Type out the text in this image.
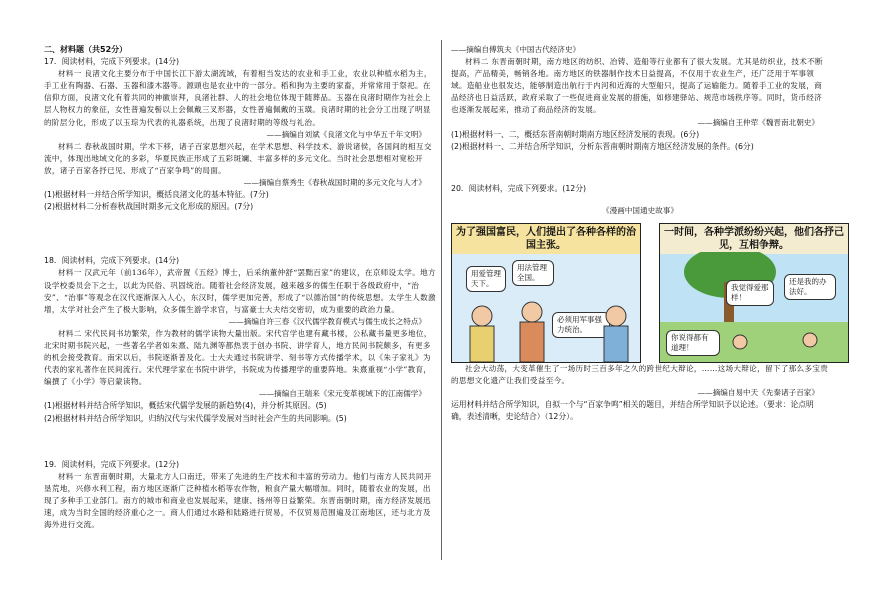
二、材料题（共52分）

17．阅读材料，完成下列要求。(14分)

材料一 良渚文化主要分布于中国长江下游太湖流域，有着相当发达的农业和手工业，农业以种植水稻为主，手工业有陶器、石器、玉器和漆木器等。源頭也是农业中的一部分。稻和狗为主要的家畜，并常常用于祭祀。在信仰方面，良渚文化有着共同的神徽崇拜，良渚社群、人的社会地位体现于随葬品。玉器在良渚时期作为社会上层人物权力的象征，女性普遍发髻以上会佩戴三叉形器，女性普遍佩戴的玉璜。良渚时期的社会分工出现了明显的阶层分化，形成了以玉琮为代表的礼器系统，出现了良渚时期的等级与礼治。

——摘编自刘斌《良渚文化与中华五千年文明》

材料二 春秋战国时期，学术下移，诸子百家思想兴起，在学术思想、科学技术、游说诸侯，各国间的相互交流中，体现出地域文化的多彩，华夏民族正形成了五彩斑斓、丰富多样的多元文化。当时社会思想相对宽松开放，诸子百家各抒已见、形成了“百家争鸣”的局面。

——摘编自蔡秀生《春秋战国时期的多元文化与人才》

(1)根据材料一并结合所学知识，概括良渚文化的基本特征。(7分)

(2)根据材料二分析春秋战国时期多元文化形成的原因。(7分)

18．阅读材料，完成下列要求。(14分)

材料一 汉武元年（前136年），武帝置《五经》博士，后采纳董仲舒“罢黜百家”的建议，在京师设太学。地方设学校委员会下之士，以此为民俗、巩固统治。随着社会经济发展，越来越多的儒生任职于各级政府中，“治安”、“治事”等观念在汉代逐渐深入人心，东汉时，儒学更加完善，形成了“以德治国”的传统思想。太学生人数激增，太学对社会产生了极大影响，众多儒生游学求官，与富豪士大夫结交密切，成为重要的政治力量。

——摘编自许三春《汉代儒学教育模式与儒生成长之特点》

材料二 宋代民间书坊繁荣，作为教材的儒学读物大量出版。宋代官学也建有藏书楼，公私藏书量更多地位，北宋时期书院兴起，一些著名学者如朱熹、陆九渊等都热衷于创办书院、讲学育人，地方民间书院颇多，有更多的机会接受教育。南宋以后，书院逐渐普及化。士大夫通过书院讲学、刻书等方式传播学术，以《朱子家礼》为代表的家礼著作在民间流行。宋代理学家在书院中讲学，书院成为传播理学的重要阵地。朱熹重视“小学”教育，编撰了《小学》等启蒙读物。

——摘编自王瑞来《宋元变革视域下的江南儒学》

(1)根据材料并结合所学知识，概括宋代儒学发展的新趋势(4)，并分析其原因。(5)

(2)根据材料并结合所学知识，归纳汉代与宋代儒学发展对当时社会产生的共同影响。(5)

19．阅读材料，完成下列要求。(12分)

材料一 东晋南朝时期，大量北方人口南迁，带来了先进的生产技术和丰富的劳动力。他们与南方人民共同开垦荒地，兴修水利工程，南方地区逐渐广泛种植水稻等农作物，粮食产量大幅增加。同时，随着农业的发展，出现了多种手工业部门。南方的城市和商业也发展起来，建康、扬州等日益繁荣。东晋南朝时期，南方经济发展迅速，成为当时全国的经济重心之一。商人们通过水路和陆路进行贸易，不仅贸易范围遍及江南地区，还与北方及海外进行交流。

——摘编自傅筑夫《中国古代经济史》

材料二 东晋南朝时期，南方地区的纺织、冶铸、造船等行业都有了很大发展。尤其是纺织业，技术不断提高，产品精美，畅销各地。南方地区的铁器制作技术日益提高，不仅用于农业生产，还广泛用于军事领域。造船业也很发达，能够制造出航行于内河和近海的大型船只，提高了运输能力。随着手工业的发展，商品经济也日益活跃，政府采取了一些促进商业发展的措施，如修建驿站、规范市场秩序等。同时，货币经济也逐渐发展起来，推动了商品经济的发展。

——摘编自王仲荦《魏晋南北朝史》

(1)根据材料一、二，概括东晋南朝时期南方地区经济发展的表现。(6分)

(2)根据材料一、二并结合所学知识，分析东晋南朝时期南方地区经济发展的条件。(6分)

20．阅读材料，完成下列要求。(12分)

《漫画中国通史故事》

为了强国富民，人们提出了各种各样的治国主张。
用爱管理天下。
用法管理全国。
必须用军事强力统治。
一时间，各种学派纷纷兴起，他们各抒己见，互相争辩。
我觉得爱那样！
还是我的办法好。
你说得都有道理！

社会大动荡，大变革催生了一场历时三百多年之久的跨世纪大辩论，……这场大辩论，留下了那么多宝贵的思想文化遗产让我们受益至今。

——摘编自易中天《先秦诸子百家》

运用材料并结合所学知识，自拟一个与“百家争鸣”相关的题目，并结合所学知识予以论述。（要求：论点明确，表述清晰，史论结合）（12分）。
